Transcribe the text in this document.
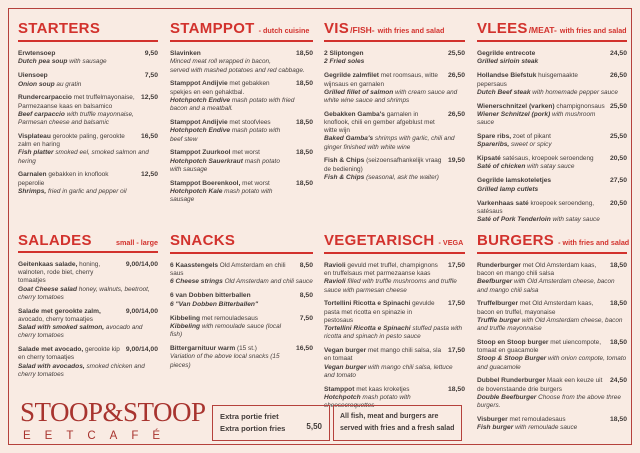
STARTERS
9,50
Erwtensoep
Dutch pea soup with sausage
7,50
Uiensoep
Onion soup au gratin
12,50
Rundercarpaccio met truffelmayonaise, Parmezaanse kaas en balsamico
Beef carpaccio with truffle mayonnaise, Parmesan cheese and balsamic
16,50
Visplateau gerookte paling, gerookte zalm en haring
Fish platter smoked eel, smoked salmon and hering
12,50
Garnalen gebakken in knoflook peperolie
Shrimps, fried in garlic and pepper oil
SALADES	small - large
9,00/14,00
Geitenkaas salade, honing, walnoten, rode biet, cherry tomaatjes
Goat Cheese salad honey, walnuts, beetroot, cherry tomatoes
9,00/14,00
Salade met gerookte zalm, avocado, cherry tomaatjes
Salad with smoked salmon, avocado and cherry tomatoes
9,00/14,00
Salade met avocado, gerookte kip en cherry tomaatjes
Salad with avocados, smoked chicken and cherry tomatoes
STAMPPOT - dutch cuisine
18,50
Slavinken
Minced meat roll wrapped in bacon, served with mashed potatoes and red cabbage.
18,50
Stamppot Andijvie met gebakken spekjes en een gehaktbal.
Hotchpotch Endive mash potato with fried bacon and a meatball.
18,50
Stamppot Andijvie met stoofvlees
Hotchpotch Endive mash potato with beef stew
18,50
Stamppot Zuurkool met worst
Hotchpotch Sauerkraut mash potato with sausage
18,50
Stamppot Boerenkool, met worst
Hotchpotch Kale mash potato with sausage
SNACKS
8,50
6 Kaasstengels Old Amsterdam en chili saus
6 Cheese strings Old Amsterdam and chili sauce
8,50
6 van Dobben bitterballen
6 "Van Dobben Bitterballen"
7,50
Kibbeling met remouladesaus
Kibbeling with remoulade sauce (local fish)
16,50
Bittergarnituur warm (15 st.)
Variation of the above local snacks (15 pieces)
VIS/FISH- with fries and salad
25,50
2 Sliptongen
2 Fried soles
26,50
Gegrilde zalmfilet met roomsaus, witte wijnsaus en garnalen
Grilled fillet of salmon with cream sauce and white wine sauce and shrimps
26,50
Gebakken Gamba's garnalen in knoflook, chili en gember afgeblust met witte wijn
Baked Gamba's shrimps with garlic, chili and ginger finished with white wine
19,50
Fish & Chips (seizoensafhankelijk vraag de bediening)
Fish & Chips (seasonal, ask the waiter)
VEGETARISCH - VEGA
17,50
Ravioli gevuld met truffel, champignons en truffelsaus met parmezaanse kaas
Ravioli filled with truffle mushrooms and truffle sauce with parmesan cheese
17,50
Tortellini Ricotta e Spinachi gevulde pasta met ricotta en spinazie in pestosaus
Tortellini Ricotta e Spinachi stuffed pasta with ricotta and spinach in pesto sauce
17,50
Vegan burger met mango chili salsa, sla en tomaat
Vegan burger with mango chili salsa, lettuce and tomato
18,50
Stamppot met kaas kroketjes
Hotchpotch mash potato with cheesecroquettes
VLEES/MEAT- with fries and salad
24,50
Gegrilde entrecote
Grilled sirloin steak
26,50
Hollandse Biefstuk huisgemaakte pepersaus
Dutch Beef steak with homemade pepper sauce
25,50
Wienerschnitzel (varken) champignonsaus
Wiener Schnitzel (pork) with mushroom sauce
25,50
Spare ribs, zoet of pikant
Spareribs, sweet or spicy
20,50
Kipsaté satésaus, kroepoek seroendeng
Saté of chicken with satay sauce
27,50
Gegrilde lamskoteletjes
Grilled lamp cutlets
20,50
Varkenhaas saté kroepoek seroendeng, satésaus
Saté of Pork Tenderloin with satay sauce
BURGERS - with fries and salad
18,50
Runderburger met Old Amsterdam kaas, bacon en mango chili salsa
Beefburger with Old Amsterdam cheese, bacon and mango chili salsa
18,50
Truffelburger met Old Amsterdam kaas, bacon en truffel, mayonaise
Truffle burger with Old Amsterdam cheese, bacon and truffle mayonnaise
18,50
Stoop en Stoop burger met uiencompote, tomaat en guacamole
Stoop & Stoop Burger with onion compote, tomato and guacamole
24,50
Dubbel Runderburger Maak een keuze uit de bovenstaande drie burgers
Double Beefburger Choose from the above three burgers.
18,50
Visburger met remouladesaus
Fish burger with remoulade sauce
STOOP&STOOP
EETCAFÉ
Extra portie friet
Extra portion fries	5,50
All fish, meat and burgers are
served with fries and a fresh salad
